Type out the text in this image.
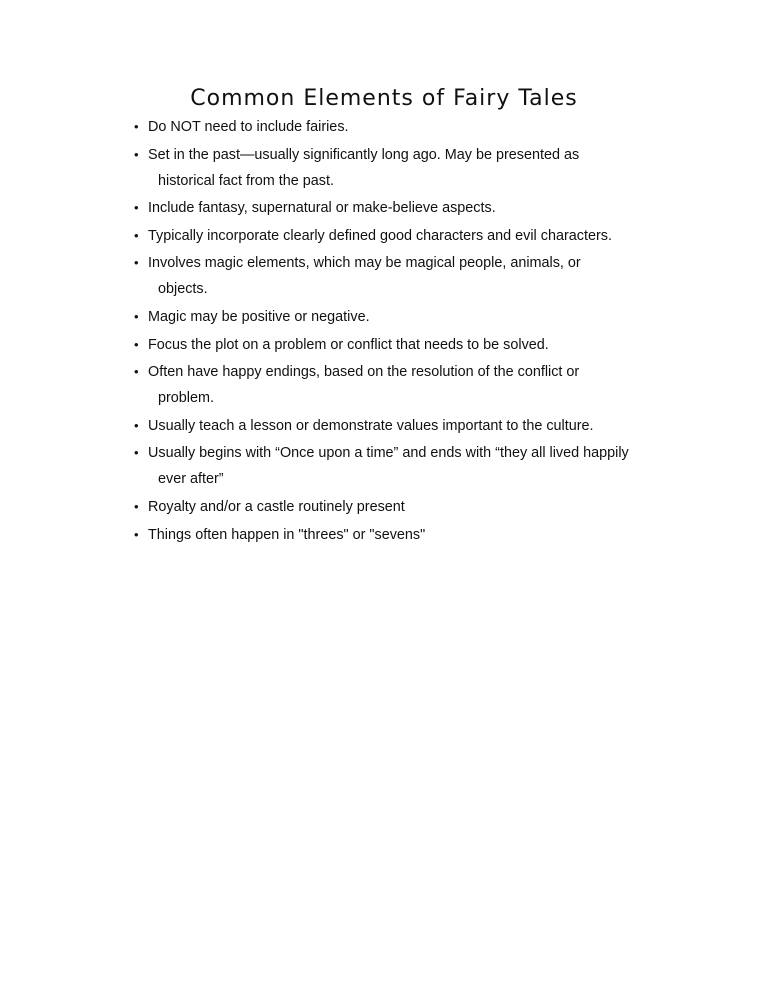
Common Elements of Fairy Tales
• Do NOT need to include fairies.
• Set in the past—usually significantly long ago. May be presented as
historical fact from the past.
• Include fantasy, supernatural or make-believe aspects.
• Typically incorporate clearly defined good characters and evil characters.
• Involves magic elements, which may be magical people, animals, or
objects.
• Magic may be positive or negative.
• Focus the plot on a problem or conflict that needs to be solved.
• Often have happy endings, based on the resolution of the conflict or
problem.
• Usually teach a lesson or demonstrate values important to the culture.
• Usually begins with “Once upon a time” and ends with “they all lived happily
ever after”
• Royalty and/or a castle routinely present
• Things often happen in "threes" or "sevens"
